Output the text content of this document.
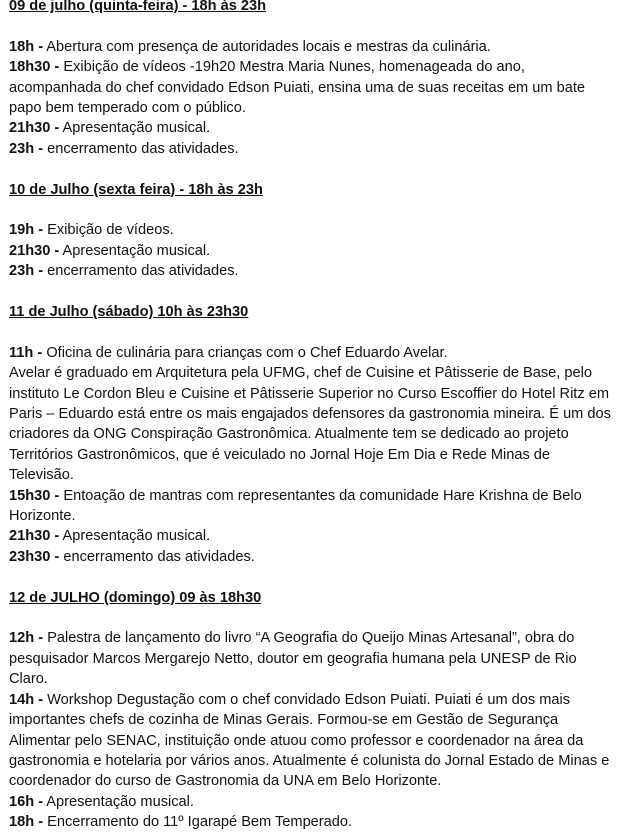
09 de julho (quinta-feira) - 18h às 23h

18h - Abertura com presença de autoridades locais e mestras da culinária.

18h30 - Exibição de vídeos -19h20 Mestra Maria Nunes, homenageada do ano, acompanhada do chef convidado Edson Puiati, ensina uma de suas receitas em um bate papo bem temperado com o público.

21h30 - Apresentação musical.

23h - encerramento das atividades.

10 de Julho (sexta feira) - 18h às 23h

19h - Exibição de vídeos.

21h30 - Apresentação musical.

23h - encerramento das atividades.

11 de Julho (sábado) 10h às 23h30

11h - Oficina de culinária para crianças com o Chef Eduardo Avelar.

Avelar é graduado em Arquitetura pela UFMG, chef de Cuisine et Pâtisserie de Base, pelo instituto Le Cordon Bleu e Cuisine et Pâtisserie Superior no Curso Escoffier do Hotel Ritz em Paris – Eduardo está entre os mais engajados defensores da gastronomia mineira. É um dos criadores da ONG Conspiração Gastronômica. Atualmente tem se dedicado ao projeto Territórios Gastronômicos, que é veiculado no Jornal Hoje Em Dia e Rede Minas de Televisão.

15h30 - Entoação de mantras com representantes da comunidade Hare Krishna de Belo Horizonte.

21h30 - Apresentação musical.

23h30 - encerramento das atividades.

12 de JULHO (domingo) 09 às 18h30

12h - Palestra de lançamento do livro “A Geografia do Queijo Minas Artesanal”, obra do pesquisador Marcos Mergarejo Netto, doutor em geografia humana pela UNESP de Rio Claro.

14h - Workshop Degustação com o chef convidado Edson Puiati. Puiati é um dos mais importantes chefs de cozinha de Minas Gerais. Formou-se em Gestão de Segurança Alimentar pelo SENAC, instituição onde atuou como professor e coordenador na área da gastronomia e hotelaria por vários anos. Atualmente é colunista do Jornal Estado de Minas e coordenador do curso de Gastronomia da UNA em Belo Horizonte.

16h - Apresentação musical.

18h - Encerramento do 11º Igarapé Bem Temperado.
